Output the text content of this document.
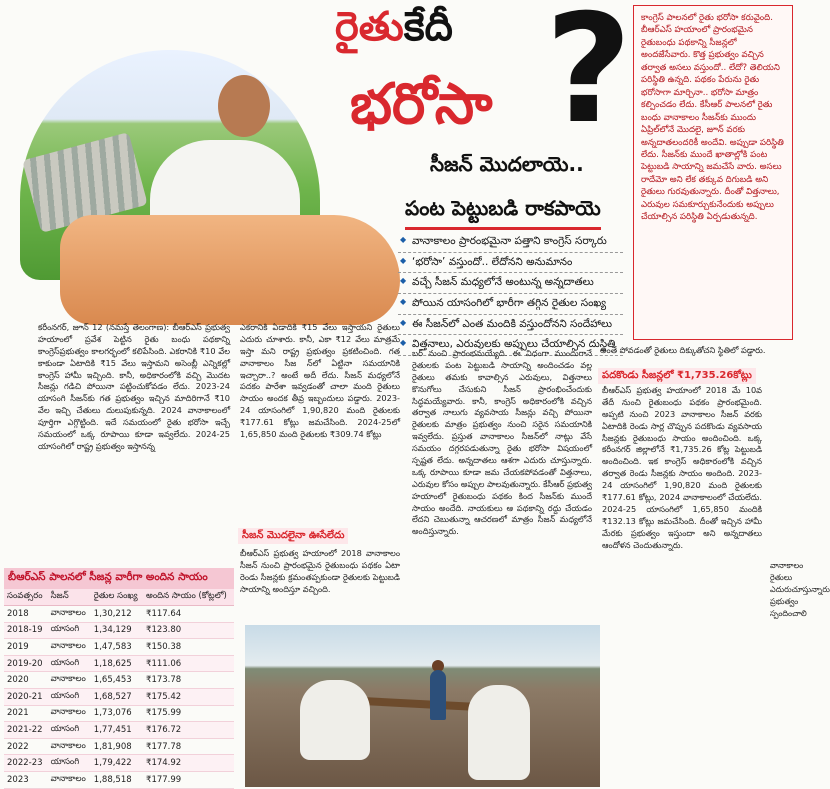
రైతుకేదీ
భరోసా ?
సీజన్ మొదలాయె..
పంట పెట్టుబడి రాకపాయె
◆ వానాకాలం ప్రారంభమైనా పత్తాని కాంగ్రెస్ సర్కారు
◆ ‘భరోసా’ వస్తుందో.. లేదోనని అనుమానం
◆ వచ్చే సీజన్ మధ్యలోనే అంటున్న అన్నదాతలు
◆ పోయిన యాసంగిలో భారీగా తగ్గిన రైతుల సంఖ్య
◆ ఈ సీజన్‌లో ఎంత మందికి వస్తుందోనని సందేహాలు
◆ విత్తనాలు, ఎరువులకు అప్పులు చేయాల్సిన దుస్థితి
కాంగ్రెస్ పాలనలో రైతు భరోసా కరువైంది. బీఆర్ఎస్ హయాంలో ప్రారంభమైన రైతుబంధు పథకాన్ని సీజన్లలో అందజేసేవారు. కొత్త ప్రభుత్వం వచ్చిన తర్వాత అసలు వస్తుందో.. లేదో? తెలియని పరిస్థితి ఉన్నది. పథకం పేరును రైతు భరోసాగా మార్చినా.. భరోసా మాత్రం కల్పించడం లేదు. కేసీఆర్ పాలనలో రైతు బంధు వానాకాలం సీజన్‌కు ముందు ఏప్రిల్‌లోనే మొదలై, జూన్ వరకు అన్నదాతలందరికీ అందేవి. అప్పుడా పరిస్థితి లేదు. సీజన్‌కు ముందే ఖాతాల్లోకి పంట పెట్టుబడి సాయాన్ని జమచేసే వారు. అసలు రాదేమో అని లేక తక్కువ దిగుబడి అని రైతులు గురవుతున్నారు. దీంతో విత్తనాలు, ఎరువుల సమకూర్చుకునేందుకు అప్పులు చేయాల్సిన పరిస్థితి ఏర్పడుతున్నది.
కరీంనగర్, జూన్ 12 (నమస్తే తెలంగాణ): బీఆర్ఎస్ ప్రభుత్వ హయాంలో ప్రవేశ పెట్టిన రైతు బంధు పథకాన్ని కాంగ్రెస్‌ప్రభుత్వం కాలగర్భంలో కలిపేసింది. ఎకరానికి ₹10 వేల కాకుండా ఏటాదికి ₹15 వేలు ఇస్తామని అసెంబ్లీ ఎన్నికల్లో కాంగ్రెస్ హామీ ఇచ్చింది. కానీ, అధికారంలోకి వచ్చి మొదట సీజన్లు గడిచి పోయినా పట్టించుకోవడం లేదు. 2023-24 యాసంగి సీజన్‌కు గత ప్రభుత్వం ఇచ్చిన మాదిరిగానే ₹10 వేల ఇచ్చి చేతులు దులుపుకున్నది. 2024 వానాకాలంలో పూర్తిగా ఎగ్గొట్టింది. ఇదే సమయంలో రైతు భరోసా ఇచ్చే సమయంలో ఒక్క రూపాయి కూడా ఇవ్వలేదు. 2024-25 యాసంగిలో రాష్ట్ర ప్రభుత్వం ఇస్తానన్న
ఎకరానికి ఏడాదికి ₹15 వేలు ఇస్తాయని రైతులు ఎదురు చూశారు. కానీ, ఎకా ₹12 వేలు మాత్రమే ఇస్తా మని రాష్ట్ర ప్రభుత్వం ప్రకటించింది. గత వానాకాలం సీజ న్‌లో ఏట్టినా సమయానికి ఇచ్చారా..? అంటే అదీ లేదు. సీజన్ మధ్యలోనే పదకం పారేశా ఇవ్వడంతో చాలా మంది రైతులు సాయం అందక తీవ్ర ఇబ్బందులు పడ్డారు. 2023-24 యాసంగిలో 1,90,820 మంది రైతులకు ₹177.61 కోట్లు జమచేసింది. 2024-25లో 1,65,850 మంది రైతులకు ₹309.74 కోట్లు
సీజన్ మొదలైనా ఊసేలేదు
బీఆర్ఎస్ ప్రభుత్వ హయాంలో 2018 వానాకాలం సీజన్ నుంచి ప్రారంభమైన రైతుబంధు పథకం ఏటా రెండు సీజన్లకు క్రమంతప్పకుండా రైతులకు పెట్టుబడి సాయాన్ని అందిస్తూ వచ్చింది.
బర్ నుంచి ప్రారంభమయ్యేది. ఈ విధంగా ముందుగానే రైతులకు పంట పెట్టుబడి సాయాన్ని అందించడం వల్ల రైతులు తమకు కావాల్సిన ఎరువులు, విత్తనాలు కొనుగోలు చేసుకుని సీజన్ ప్రారంభించేందుకు సిద్ధమయ్యేవారు. కానీ, కాంగ్రెస్ అధికారంలోకి వచ్చిన తర్వాత నాలుగు వ్యవసాయ సీజన్లు వచ్చి పోయినా రైతులకు మాత్రం ప్రభుత్వం నుంచి సరైన సమయానికి ఇవ్వలేదు. ప్రస్తుత వానాకాలం సీజన్‌లో నాట్లు వేసే సమయం దగ్గరపడుతున్నా రైతు భరోసా విషయంలో స్పష్టత లేదు. అన్నదాతలు ఆశగా ఎదురు చూస్తున్నారు. ఒక్క రూపాయి కూడా జమ చేయకపోవడంతో విత్తనాలు, ఎరువుల కోసం అప్పుల పాలవుతున్నారు. కేసీఆర్ ప్రభుత్వ హయాంలో రైతుబంధు పథకం కింద సీజన్‌కు ముందే సాయం అందేది. నాయకులు ఆ పథకాన్ని రద్దు చేయడం లేదని చెబుతున్నా ఆచరణలో మాత్రం సీజన్ మధ్యలోనే అందిస్తున్నారు.
అంతే పోవడంతో రైతులు దిక్కుతోచని స్థితిలో పడ్డారు.
పదకొండు సీజన్లలో ₹1,735.26కోట్లు
బీఆర్ఎస్ ప్రభుత్వ హయాంలో 2018 మే 10వ తేదీ నుంచి రైతుబంధు పథకం ప్రారంభమైంది. అప్పటి నుంచి 2023 వానాకాలం సీజన్ వరకు ఏటాదికి రెండు సార్ల చొప్పున పదకొండు వ్యవసాయ సీజన్లకు రైతుబంధు సాయం అందించింది. ఒక్క కరీంనగర్ జిల్లాలోనే ₹1,735.26 కోట్ల పెట్టుబడి అందించింది. ఇక కాంగ్రెస్ అధికారంలోకి వచ్చిన తర్వాత రెండు సీజన్లకు సాయం అందింది. 2023-24 యాసంగిలో 1,90,820 మంది రైతులకు ₹177.61 కోట్లు, 2024 వానాకాలంలో చేయలేదు. 2024-25 యాసంగిలో 1,65,850 మందికి ₹132.13 కోట్లు జమచేసింది. దీంతో ఇచ్చిన హామీ మేరకు ప్రభుత్వం ఇస్తుందా అని అన్నదాతలు ఆందోళన చెందుతున్నారు.
వానాకాలం రైతులు ఎదురుచూస్తున్నారు ప్రభుత్వం స్పందించాలి
బీఆర్ఎస్ పాలనలో సీజన్ల వారీగా అందిన సాయం
సంవత్సరం	సీజన్	రైతుల సంఖ్య	అందిన సాయం (కోట్లలో)
2018	వానాకాలం	1,30,212	₹117.64
2018-19	యాసంగి	1,34,129	₹123.80
2019	వానాకాలం	1,47,583	₹150.38
2019-20	యాసంగి	1,18,625	₹111.06
2020	వానాకాలం	1,65,453	₹173.78
2020-21	యాసంగి	1,68,527	₹175.42
2021	వానాకాలం	1,73,076	₹175.99
2021-22	యాసంగి	1,77,451	₹176.72
2022	వానాకాలం	1,81,908	₹177.78
2022-23	యాసంగి	1,79,422	₹174.92
2023	వానాకాలం	1,88,518	₹177.99
